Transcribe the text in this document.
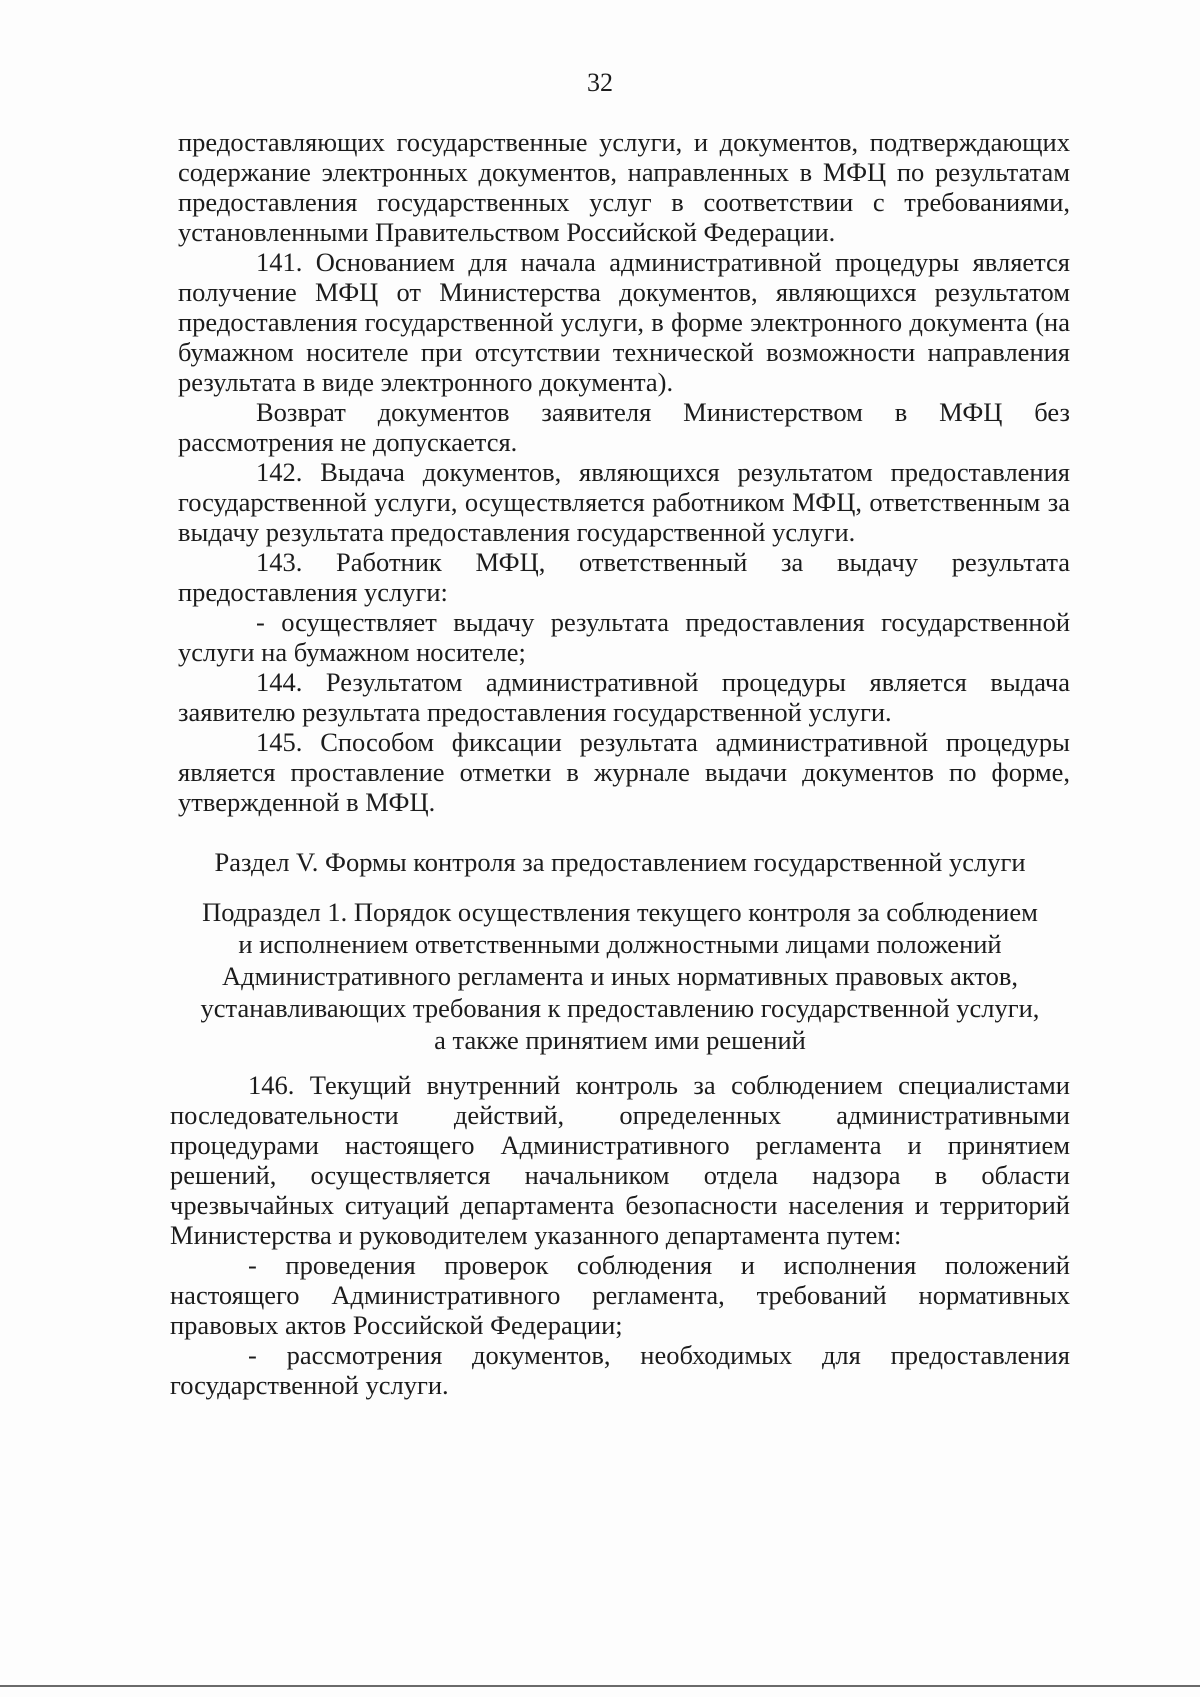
32

предоставляющих государственные услуги, и документов, подтверждающих содержание электронных документов, направленных в МФЦ по результатам предоставления государственных услуг в соответствии с требованиями, установленными Правительством Российской Федерации.

141. Основанием для начала административной процедуры является получение МФЦ от Министерства документов, являющихся результатом предоставления государственной услуги, в форме электронного документа (на бумажном носителе при отсутствии технической возможности направления результата в виде электронного документа).

Возврат документов заявителя Министерством в МФЦ без рассмотрения не допускается.

142. Выдача документов, являющихся результатом предоставления государственной услуги, осуществляется работником МФЦ, ответственным за выдачу результата предоставления государственной услуги.

143. Работник МФЦ, ответственный за выдачу результата предоставления услуги:

- осуществляет выдачу результата предоставления государственной услуги на бумажном носителе;

144. Результатом административной процедуры является выдача заявителю результата предоставления государственной услуги.

145. Способом фиксации результата административной процедуры является проставление отметки в журнале выдачи документов по форме, утвержденной в МФЦ.

Раздел V. Формы контроля за предоставлением государственной услуги

Подраздел 1. Порядок осуществления текущего контроля за соблюдением

и исполнением ответственными должностными лицами положений

Административного регламента и иных нормативных правовых актов,

устанавливающих требования к предоставлению государственной услуги,

а также принятием ими решений

146. Текущий внутренний контроль за соблюдением специалистами последовательности действий, определенных административными процедурами настоящего Административного регламента и принятием решений, осуществляется начальником отдела надзора в области чрезвычайных ситуаций департамента безопасности населения и территорий Министерства и руководителем указанного департамента путем:

- проведения проверок соблюдения и исполнения положений настоящего Административного регламента, требований нормативных правовых актов Российской Федерации;

- рассмотрения документов, необходимых для предоставления государственной услуги.
